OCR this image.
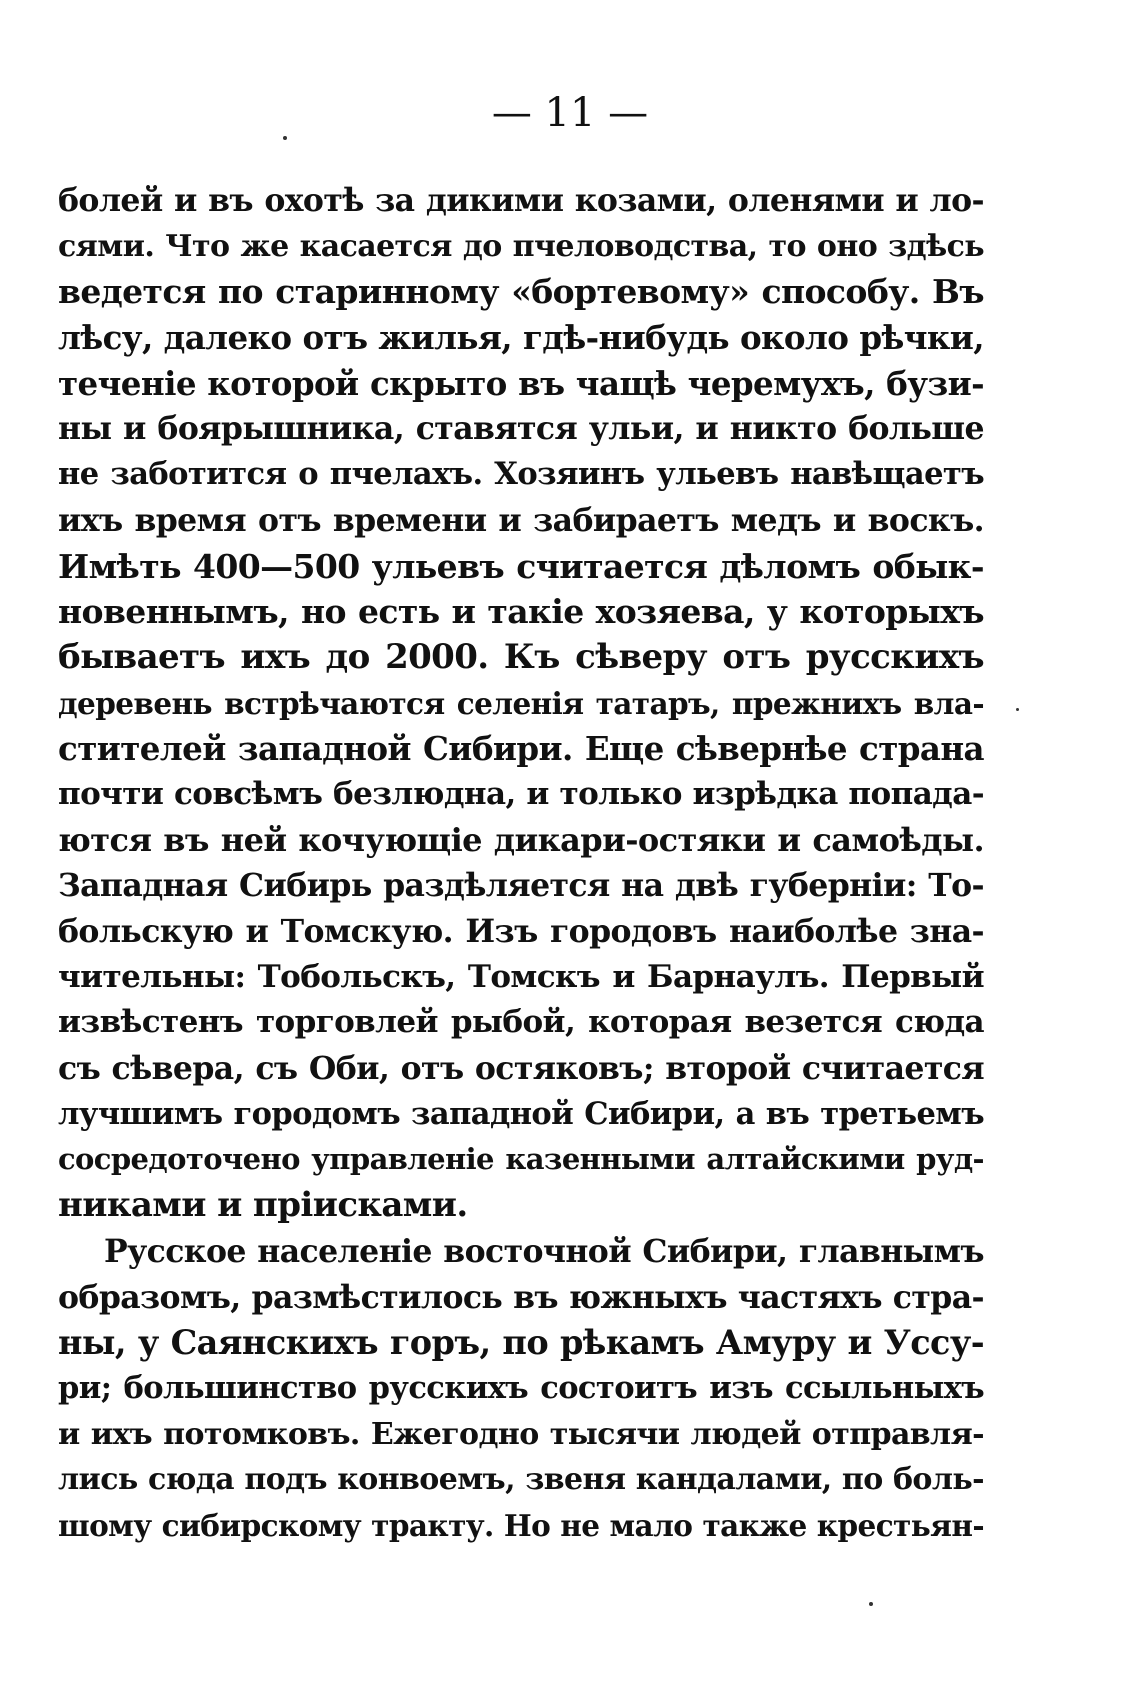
— 11 —
болей и въ охотѣ за дикими козами, оленями и ло-
сями. Что же касается до пчеловодства, то оно здѣсь
ведется по старинному «бортевому» способу. Въ
лѣсу, далеко отъ жилья, гдѣ-нибудь около рѣчки,
теченіе которой скрыто въ чащѣ черемухъ, бузи-
ны и боярышника, ставятся ульи, и никто больше
не заботится о пчелахъ. Хозяинъ ульевъ навѣщаетъ
ихъ время отъ времени и забираетъ медъ и воскъ.
Имѣть 400—500 ульевъ считается дѣломъ обык-
новеннымъ, но есть и такіе хозяева, у которыхъ
бываетъ ихъ до 2000. Къ сѣверу отъ русскихъ
деревень встрѣчаются селенія татаръ, прежнихъ вла-
стителей западной Сибири. Еще сѣвернѣе страна
почти совсѣмъ безлюдна, и только изрѣдка попада-
ются въ ней кочующіе дикари-остяки и самоѣды.
Западная Сибирь раздѣляется на двѣ губерніи: То-
больскую и Томскую. Изъ городовъ наиболѣе зна-
чительны: Тобольскъ, Томскъ и Барнаулъ. Первый
извѣстенъ торговлей рыбой, которая везется сюда
съ сѣвера, съ Оби, отъ остяковъ; второй считается
лучшимъ городомъ западной Сибири, а въ третьемъ
сосредоточено управленіе казенными алтайскими руд-
никами и пріисками.
Русское населеніе восточной Сибири, главнымъ
образомъ, размѣстилось въ южныхъ частяхъ стра-
ны, у Саянскихъ горъ, по рѣкамъ Амуру и Уссу-
ри; большинство русскихъ состоитъ изъ ссыльныхъ
и ихъ потомковъ. Ежегодно тысячи людей отправля-
лись сюда подъ конвоемъ, звеня кандалами, по боль-
шому сибирскому тракту. Но не мало также крестьян-
